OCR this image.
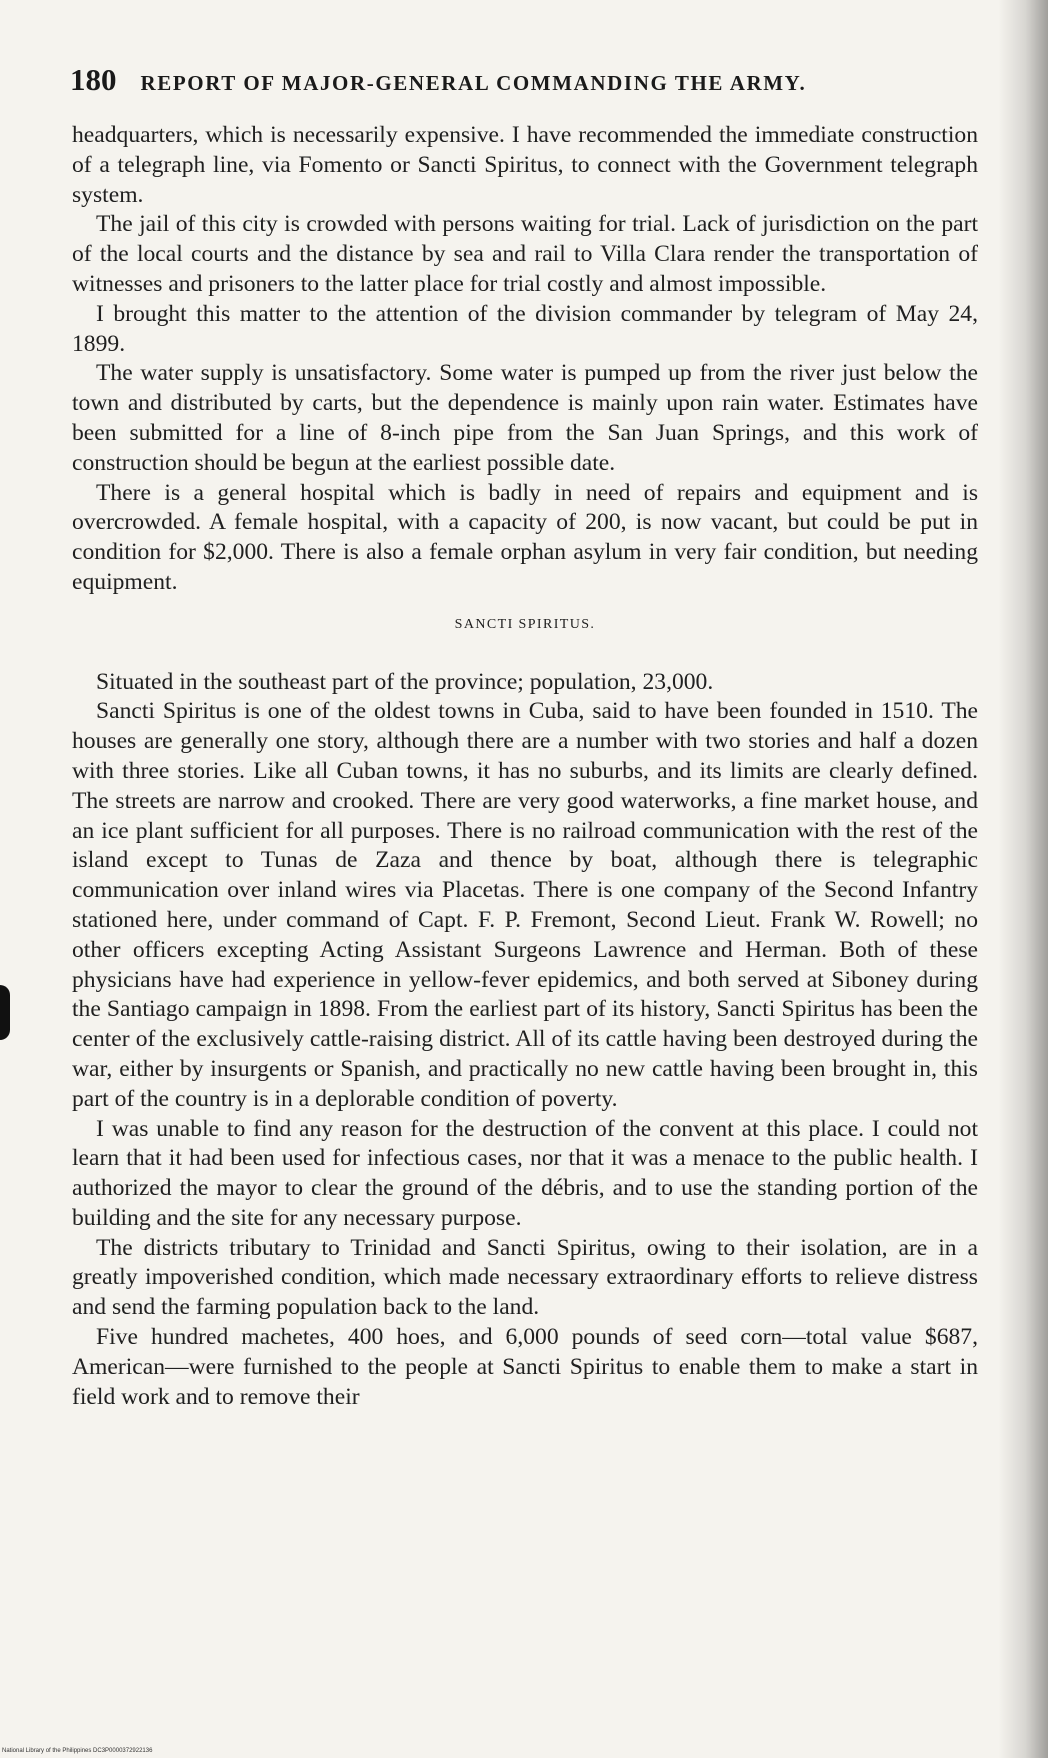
180 REPORT OF MAJOR-GENERAL COMMANDING THE ARMY.

headquarters, which is necessarily expensive. I have recommended the immediate construction of a telegraph line, via Fomento or Sancti Spiritus, to connect with the Government telegraph system.

The jail of this city is crowded with persons waiting for trial. Lack of jurisdiction on the part of the local courts and the distance by sea and rail to Villa Clara render the transportation of witnesses and prisoners to the latter place for trial costly and almost impossible.

I brought this matter to the attention of the division commander by telegram of May 24, 1899.

The water supply is unsatisfactory. Some water is pumped up from the river just below the town and distributed by carts, but the dependence is mainly upon rain water. Estimates have been submitted for a line of 8-inch pipe from the San Juan Springs, and this work of construction should be begun at the earliest possible date.

There is a general hospital which is badly in need of repairs and equipment and is overcrowded. A female hospital, with a capacity of 200, is now vacant, but could be put in condition for $2,000. There is also a female orphan asylum in very fair condition, but needing equipment.

SANCTI SPIRITUS.

Situated in the southeast part of the province; population, 23,000.

Sancti Spiritus is one of the oldest towns in Cuba, said to have been founded in 1510. The houses are generally one story, although there are a number with two stories and half a dozen with three stories. Like all Cuban towns, it has no suburbs, and its limits are clearly defined. The streets are narrow and crooked. There are very good waterworks, a fine market house, and an ice plant sufficient for all purposes. There is no railroad communication with the rest of the island except to Tunas de Zaza and thence by boat, although there is telegraphic communication over inland wires via Placetas. There is one company of the Second Infantry stationed here, under command of Capt. F. P. Fremont, Second Lieut. Frank W. Rowell; no other officers excepting Acting Assistant Surgeons Lawrence and Herman. Both of these physicians have had experience in yellow-fever epidemics, and both served at Siboney during the Santiago campaign in 1898. From the earliest part of its history, Sancti Spiritus has been the center of the exclusively cattle-raising district. All of its cattle having been destroyed during the war, either by insurgents or Spanish, and practically no new cattle having been brought in, this part of the country is in a deplorable condition of poverty.

I was unable to find any reason for the destruction of the convent at this place. I could not learn that it had been used for infectious cases, nor that it was a menace to the public health. I authorized the mayor to clear the ground of the débris, and to use the standing portion of the building and the site for any necessary purpose.

The districts tributary to Trinidad and Sancti Spiritus, owing to their isolation, are in a greatly impoverished condition, which made necessary extraordinary efforts to relieve distress and send the farming population back to the land.

Five hundred machetes, 400 hoes, and 6,000 pounds of seed corn—total value $687, American—were furnished to the people at Sancti Spiritus to enable them to make a start in field work and to remove their

National Library of the Philippines DC3P0000372922136
